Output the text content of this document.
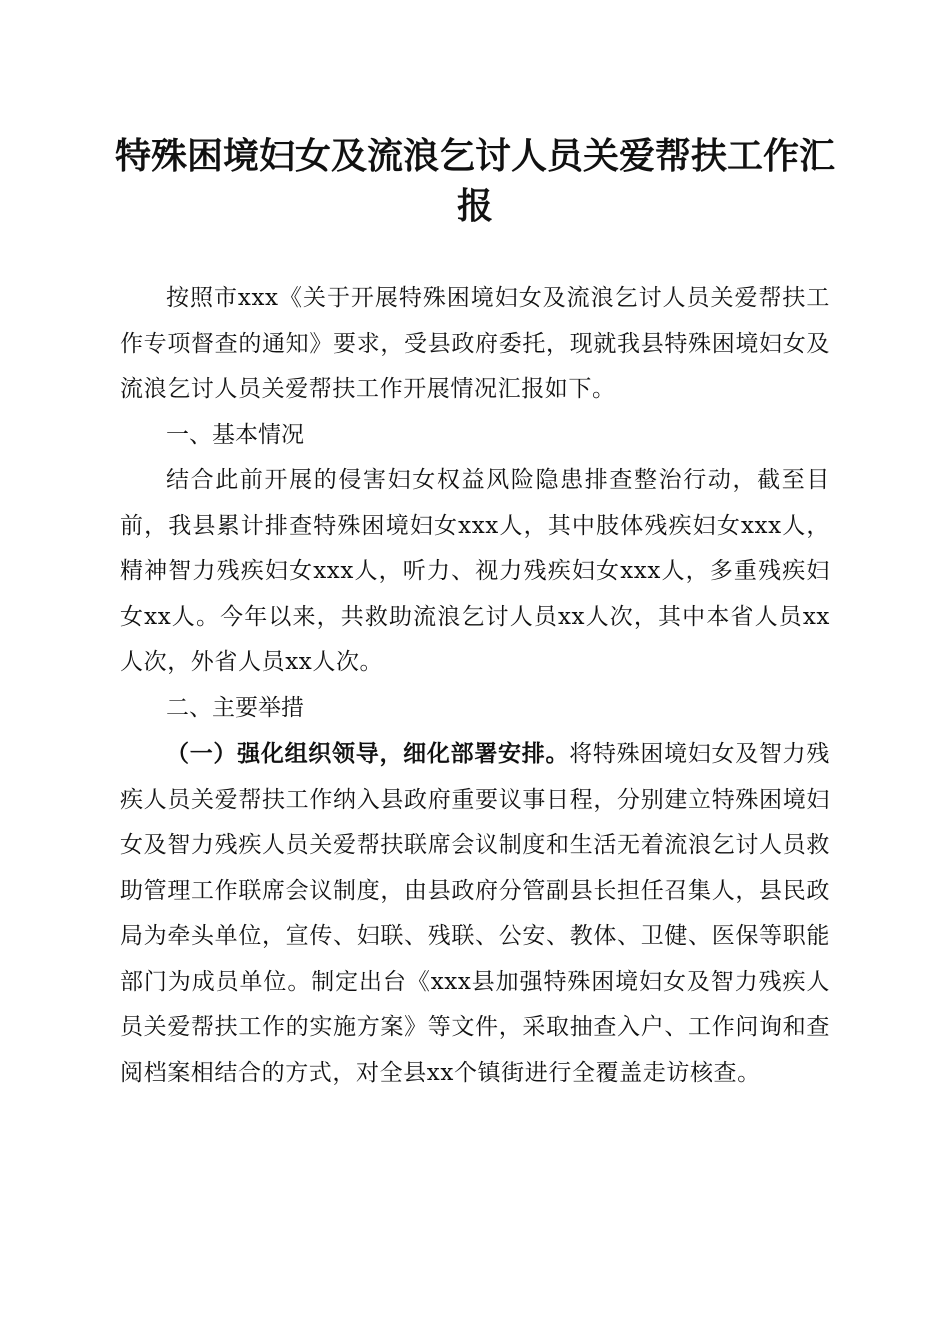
特殊困境妇女及流浪乞讨人员关爱帮扶工作汇报

按照市xxx《关于开展特殊困境妇女及流浪乞讨人员关爱帮扶工作专项督查的通知》要求，受县政府委托，现就我县特殊困境妇女及流浪乞讨人员关爱帮扶工作开展情况汇报如下。

一、基本情况

结合此前开展的侵害妇女权益风险隐患排查整治行动，截至目前，我县累计排查特殊困境妇女xxx人，其中肢体残疾妇女xxx人，精神智力残疾妇女xxx人，听力、视力残疾妇女xxx人，多重残疾妇女xx人。今年以来，共救助流浪乞讨人员xx人次，其中本省人员xx人次，外省人员xx人次。

二、主要举措

（一）强化组织领导，细化部署安排。将特殊困境妇女及智力残疾人员关爱帮扶工作纳入县政府重要议事日程，分别建立特殊困境妇女及智力残疾人员关爱帮扶联席会议制度和生活无着流浪乞讨人员救助管理工作联席会议制度，由县政府分管副县长担任召集人，县民政局为牵头单位，宣传、妇联、残联、公安、教体、卫健、医保等职能部门为成员单位。制定出台《xxx县加强特殊困境妇女及智力残疾人员关爱帮扶工作的实施方案》等文件，采取抽查入户、工作问询和查阅档案相结合的方式，对全县xx个镇街进行全覆盖走访核查。
